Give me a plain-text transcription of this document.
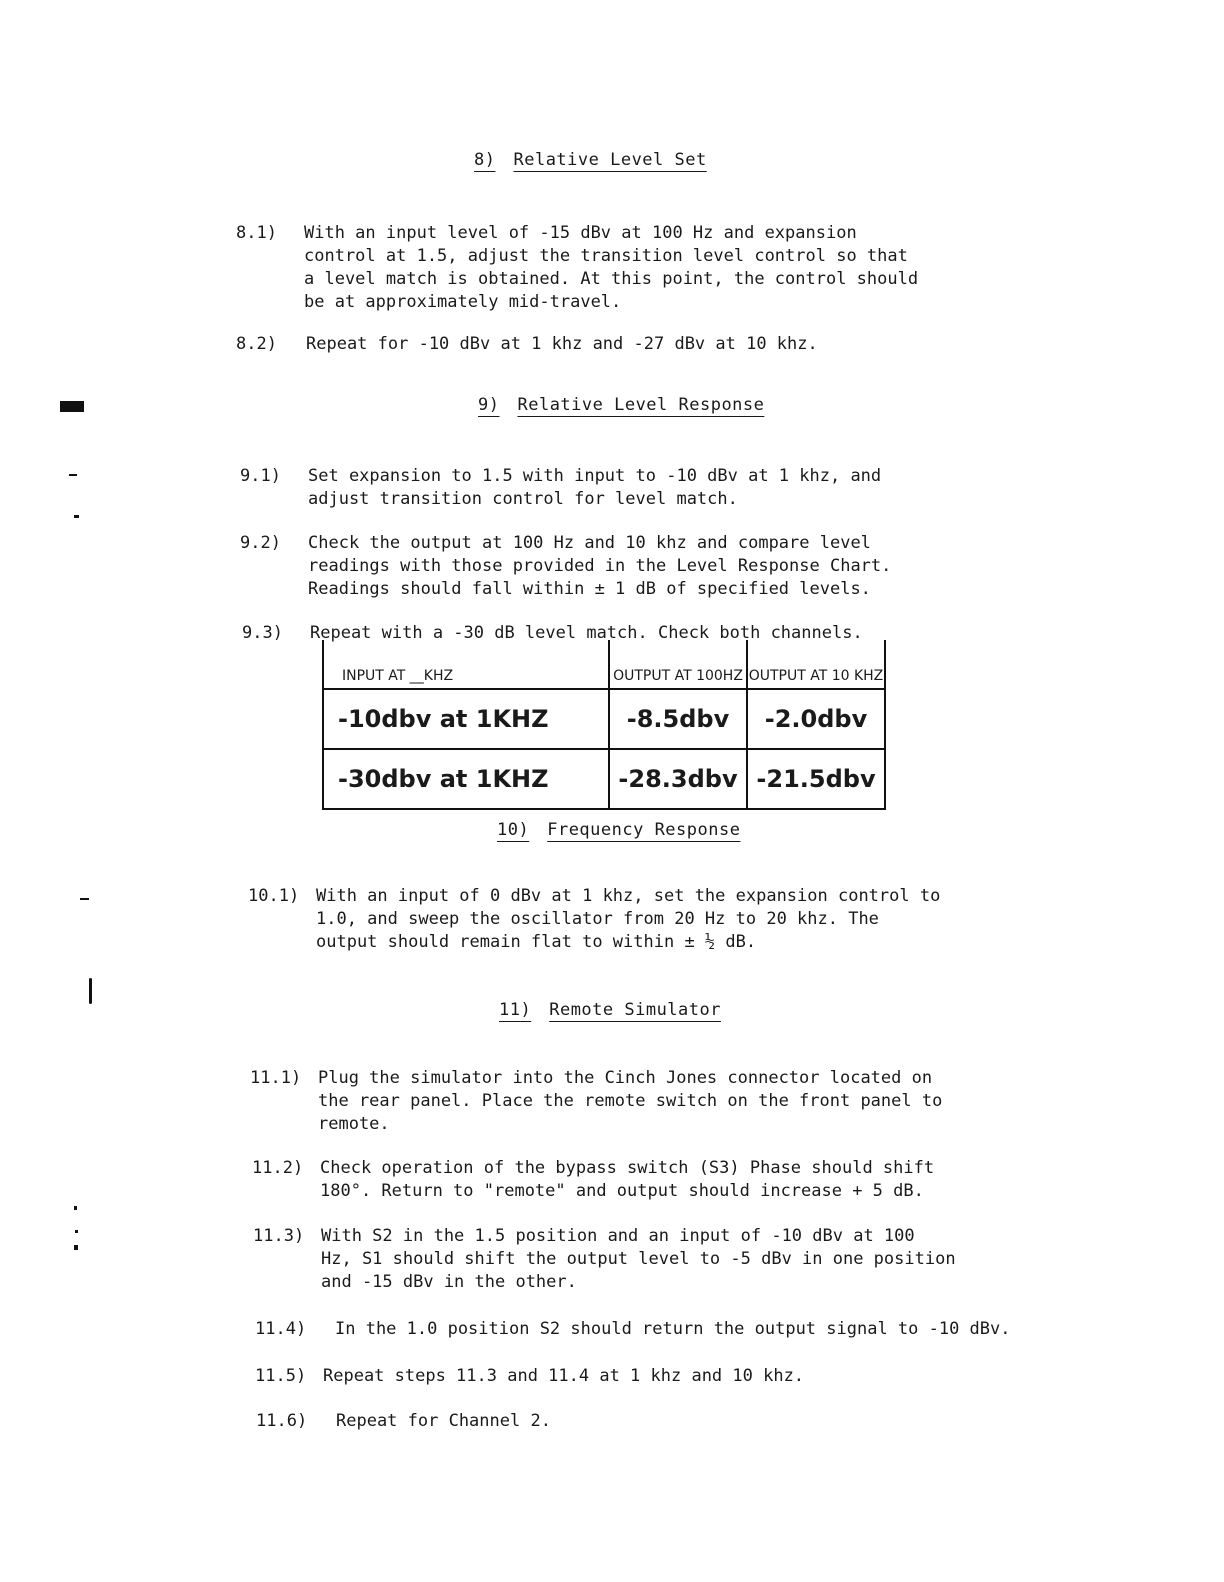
8) Relative Level Set
8.1) With an input level of -15 dBv at 100 Hz and expansion
control at 1.5, adjust the transition level control so that
a level match is obtained. At this point, the control should
be at approximately mid-travel.
8.2) Repeat for -10 dBv at 1 khz and -27 dBv at 10 khz.
9) Relative Level Response
9.1) Set expansion to 1.5 with input to -10 dBv at 1 khz, and
adjust transition control for level match.
9.2) Check the output at 100 Hz and 10 khz and compare level
readings with those provided in the Level Response Chart.
Readings should fall within ± 1 dB of specified levels.
9.3) Repeat with a -30 dB level match. Check both channels.
INPUT AT __KHZ	OUTPUT AT 100HZ	OUTPUT AT 10 KHZ
-10dbv at 1KHZ	-8.5dbv	-2.0dbv
-30dbv at 1KHZ	-28.3dbv	-21.5dbv
10) Frequency Response
10.1) With an input of 0 dBv at 1 khz, set the expansion control to
1.0, and sweep the oscillator from 20 Hz to 20 khz. The
output should remain flat to within ± ½ dB.
11) Remote Simulator
11.1) Plug the simulator into the Cinch Jones connector located on
the rear panel. Place the remote switch on the front panel to
remote.
11.2) Check operation of the bypass switch (S3) Phase should shift
180°. Return to "remote" and output should increase + 5 dB.
11.3) With S2 in the 1.5 position and an input of -10 dBv at 100
Hz, S1 should shift the output level to -5 dBv in one position
and -15 dBv in the other.
11.4) In the 1.0 position S2 should return the output signal to -10 dBv.
11.5) Repeat steps 11.3 and 11.4 at 1 khz and 10 khz.
11.6) Repeat for Channel 2.
